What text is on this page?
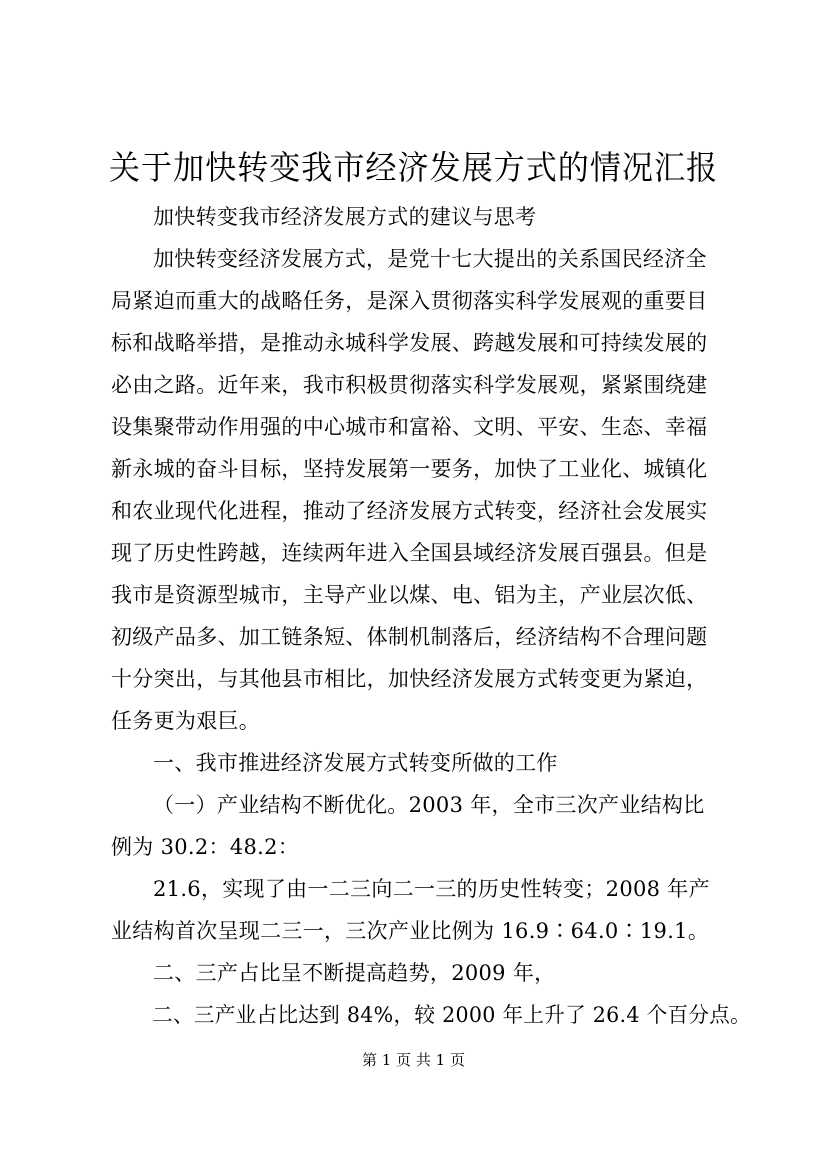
关于加快转变我市经济发展方式的情况汇报

加快转变我市经济发展方式的建议与思考

加快转变经济发展方式，是党十七大提出的关系国民经济全
局紧迫而重大的战略任务，是深入贯彻落实科学发展观的重要目
标和战略举措，是推动永城科学发展、跨越发展和可持续发展的
必由之路。近年来，我市积极贯彻落实科学发展观，紧紧围绕建
设集聚带动作用强的中心城市和富裕、文明、平安、生态、幸福
新永城的奋斗目标，坚持发展第一要务，加快了工业化、城镇化
和农业现代化进程，推动了经济发展方式转变，经济社会发展实
现了历史性跨越，连续两年进入全国县域经济发展百强县。但是
我市是资源型城市，主导产业以煤、电、铝为主，产业层次低、
初级产品多、加工链条短、体制机制落后，经济结构不合理问题
十分突出，与其他县市相比，加快经济发展方式转变更为紧迫，
任务更为艰巨。

一、我市推进经济发展方式转变所做的工作

（一）产业结构不断优化。2003 年，全市三次产业结构比
例为 30.2：48.2：

21.6，实现了由一二三向二一三的历史性转变；2008 年产
业结构首次呈现二三一，三次产业比例为 16.9∶64.0∶19.1。

二、三产占比呈不断提高趋势，2009 年，

二、三产业占比达到 84%，较 2000 年上升了 26.4 个百分点。

第 1 页 共 1 页
